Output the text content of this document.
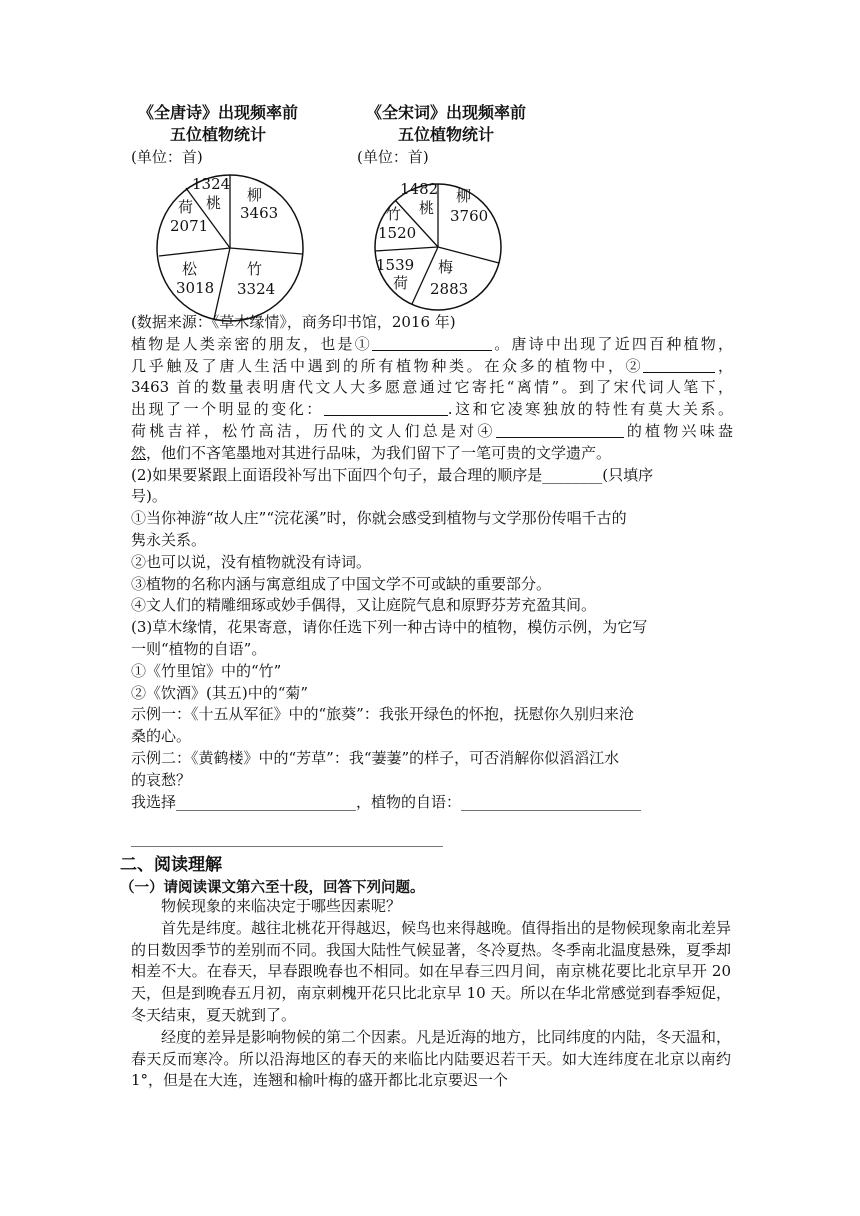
《全唐诗》出现频率前
五位植物统计
《全宋词》出现频率前
五位植物统计
(单位：首)	(单位：首)
柳
3463
竹
3324
松
3018
荷
2071
1324
桃	柳
3760
梅
2883
1539
荷
竹
1520
1482
桃
(数据来源：《草木缘情》，商务印书馆，2016 年)
植物是人类亲密的朋友，也是①	。唐诗中出现了近四百种植物，
几乎触及了唐人生活中遇到的所有植物种类。在众多的植物中，②	，
3463 首的数量表明唐代文人大多愿意通过它寄托“离情”。到了宋代词人笔下，
出现了一个明显的变化：	.这和它凌寒独放的特性有莫大关系。
荷桃吉祥，松竹高洁，历代的文人们总是对④	的植物兴味盎
然，他们不吝笔墨地对其进行品味，为我们留下了一笔可贵的文学遗产。
(2)如果要紧跟上面语段补写出下面四个句子，最合理的顺序是________(只填序
号)。
①当你神游“故人庄”“浣花溪”时，你就会感受到植物与文学那份传唱千古的
隽永关系。
②也可以说，没有植物就没有诗词。
③植物的名称内涵与寓意组成了中国文学不可或缺的重要部分。
④文人们的精雕细琢或妙手偶得，又让庭院气息和原野芬芳充盈其间。
(3)草木缘情，花果寄意，请你任选下列一种古诗中的植物，模仿示例，为它写
一则“植物的自语”。
①《竹里馆》中的“竹”
②《饮酒》(其五)中的“菊”
示例一：《十五从军征》中的“旅葵”：我张开绿色的怀抱，抚慰你久别归来沧
桑的心。
示例二：《黄鹤楼》中的“芳草”：我“萋萋”的样子，可否消解你似滔滔江水
的哀愁？
我选择________________________，植物的自语：________________________
二、阅读理解
（一）请阅读课文第六至十段，回答下列问题。
物候现象的来临决定于哪些因素呢？
首先是纬度。越往北桃花开得越迟，候鸟也来得越晚。值得指出的是物候现象南北差异的日数因季节的差别而不同。我国大陆性气候显著，冬冷夏热。冬季南北温度悬殊，夏季却相差不大。在春天，早春跟晚春也不相同。如在早春三四月间，南京桃花要比北京早开 20 天，但是到晚春五月初，南京刺槐开花只比北京早 10 天。所以在华北常感觉到春季短促，冬天结束，夏天就到了。
经度的差异是影响物候的第二个因素。凡是近海的地方，比同纬度的内陆，冬天温和，春天反而寒冷。所以沿海地区的春天的来临比内陆要迟若干天。如大连纬度在北京以南约 1°，但是在大连，连翘和榆叶梅的盛开都比北京要迟一个
